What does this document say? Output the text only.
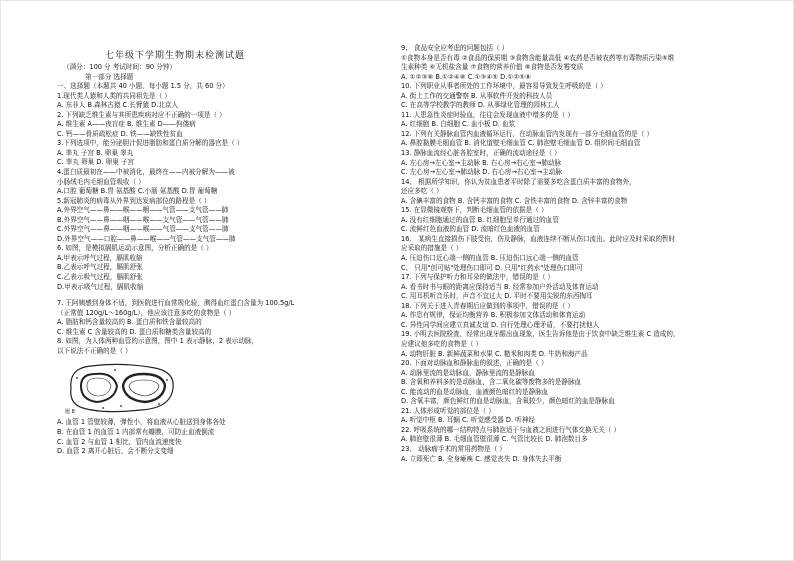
七年级下学期生物期末检测试题
（满分：100 分 考试时间：90 分钟）
第一部分 选择题
一、选择题（本题共 40 小题，每小题 1.5 分，共 60 分）
1.现代类人猿和人类的共同祖先是（ ）
A. 东非人 B.森林古猿 C.长臂猿 D.北京人
2. 下列缺乏维生素与其所患疾病对应不正确的一项是（ ）
A. 维生素 A——夜盲症 B. 维生素 D——佝偻病
C. 钙——骨质疏松症 D. 铁——缺铁性贫血
3.下列选项中，能分泌胆汁促进脂肪和蛋白质分解的器官是（ ）
A. 睾丸 子宫 B. 卵巢 睾丸
C. 睾丸 卵巢 D. 卵巢 子宫
4.蛋白质最初在——中被消化，最终在——内被分解为——被
小肠绒毛内毛细血管吸收（ ）
A.口腔 葡萄糖 B.胃 氨基酸 C.小肠 氨基酸 D.胃 葡萄糖
5.新冠肺炎的病毒从外界到达发病部位的路程是（ ）
A.外界空气——鼻——喉——咽——气管——支气管——肺
B.外界空气——鼻——咽——喉——支气管——气管——肺
C.外界空气——鼻——咽——喉——气管——支气管——肺
D.外界空气——口腔——鼻——喉——气管——支气管——肺
6. 如图，是模拟膈肌运动示意图，分析正确的是（ ）
A.甲表示呼气过程，膈肌收缩
B.乙表示呼气过程，膈肌舒张
C.乙表示吸气过程，膈肌舒张
D.甲表示吸气过程，膈肌收缩
7. 王阿姨感到身体不适，到医院进行血常规化验，测得血红蛋白含量为 100.5g/L
（正常值 120g/L～160g/L），他应该注意多吃的食物是（ ）
A. 脂肪和钙含量较高的 B. 蛋白质和铁含量较高的
C. 维生素 C 含量较高的 D. 蛋白质和糖类含量较高的
8. 如图，为人体两种血管的示意图，图中 1 表示静脉，2 表示动脉，
以下说法不正确的是（ ）
题 8
A. 血管 1 管壁较薄，弹性小，将血液从心脏送到身体各处
B. 在血管 1 的血管 1 内部常有瓣膜，可防止血液倒流
C. 血管 2 与血管 1 相比，管内血流速度快
D. 血管 2 离开心脏后，会不断分支变细
9、 食品安全应考虑的问题包括（ ）
①食物本身是否有毒 ②食品的保质期 ③食物含能量高低 ④农药是否被农药等有毒物质污染⑤维
生素种类 ⑥无机盐含量 ⑦食物的营养价值 ⑧食物是否发霉变质
A. ①②③⑧ B.①②④⑧ C.①③④⑤ D.①②⑤⑧
10. 下列职业从事者所处的工作环境中，最容易导致发生呼吸的是（ ）
A. 街上工作的交通警察 B. 从事软件开发的科技人员
C. 在高等学校教学的教师 D. 从事绿化管理的园林工人
11. 人患急性炎症时验血，往往会发现血液中增多的是（ ）
A. 红细胞 B. 白细胞 C. 血小板 D. 血浆
12. 下列有关静脉血管内血液循环运行，在动脉血管内发现有一部分毛细血管的是（ ）
A. 鼻腔黏膜毛细血管 B. 消化道壁毛细血管 C. 肺泡壁毛细血管 D. 组织间毛细血管
13. 静脉血流经心脏各腔室时，正确的流动途径是（ ）
A. 左心房→左心室→主动脉 B. 右心房→右心室→肺动脉
C. 左心房→左心室→肺动脉 D. 右心房→右心室→主动脉
14、 根据所学知识，你认为贫血患者平时除了需要多吃含蛋白质丰富的食物外，
还应多吃（ ）
A. 含碘丰富的食物 B. 含钙丰富的食物 C. 含铁丰富的食物 D. 含锌丰富的食物
15. 在显微镜观察下，判断毛细血管的依据是（ ）
A. 没有红细胞通过的血管 B. 红细胞呈单行通过的血管
C. 流鲜红色血液的血管 D. 流暗红色血液的血管
16、 某病生直接损伤下肢受伤，伤及静脉，血液连续不断从伤口流出。此时应及时采取的暂时
应采取的措施是（ ）
A. 压迫伤口近心端一侧的血管 B. 压迫伤口远心端一侧的血管
C、 只用"创可贴"处理伤口即可 D. 只用"红药水"处理伤口即可
17. 下列与保护听力和耳朵的做法中，错误的是（ ）
A. 看书时书与眼的距离应保持适当 B. 经常参加户外活动及体育运动
C. 用耳机听音乐时，声音不宜过大 D. 平时不要用尖锐的东西掏耳
18. 下列关于进入青春期后应做到的事项中，错误的是（ ）
A. 作息有规律，保证均衡营养 B. 积极参加文体活动和体育运动
C. 异性同学间应建立真诚友谊 D. 自行处理心理矛盾，不要打扰他人
19. 小明去医院检查，经常出现牙龈出血现象，医生告诉他是由于饮食中缺乏维生素 C 造成的，
应建议他多吃的食物是（ ）
A. 动物肝脏 B. 新鲜蔬菜和水果 C. 糙米和肉类 D. 牛奶和海产品
20. 下面对动脉血和静脉血的叙述，正确的是（ ）
A. 动脉里流的是动脉血，静脉里流的是静脉血
B. 含氧和养料多的是动脉血，含二氧化碳等废物多的是静脉血
C. 能流动的血是动脉血，血液颜色暗红的是静脉血
D. 含氧丰富，颜色鲜红的血是动脉血，含氧较少，颜色暗红的血是静脉血
21. 人体形成听觉的部位是（ ）
A. 听觉中枢 B. 耳蜗 C. 听觉感受器 D. 听神经
22. 呼吸系统的哪一结构特点与肺泡适于与血液之间进行气体交换无关（ ）
A. 肺泡壁很薄 B. 毛细血管壁很薄 C. 气管比较长 D. 肺泡数目多
23、 动脉瘤手术的常用药物是（ ）
A. 立即死亡 B. 全身瘫痪 C. 感觉丧失 D. 身体失去平衡
